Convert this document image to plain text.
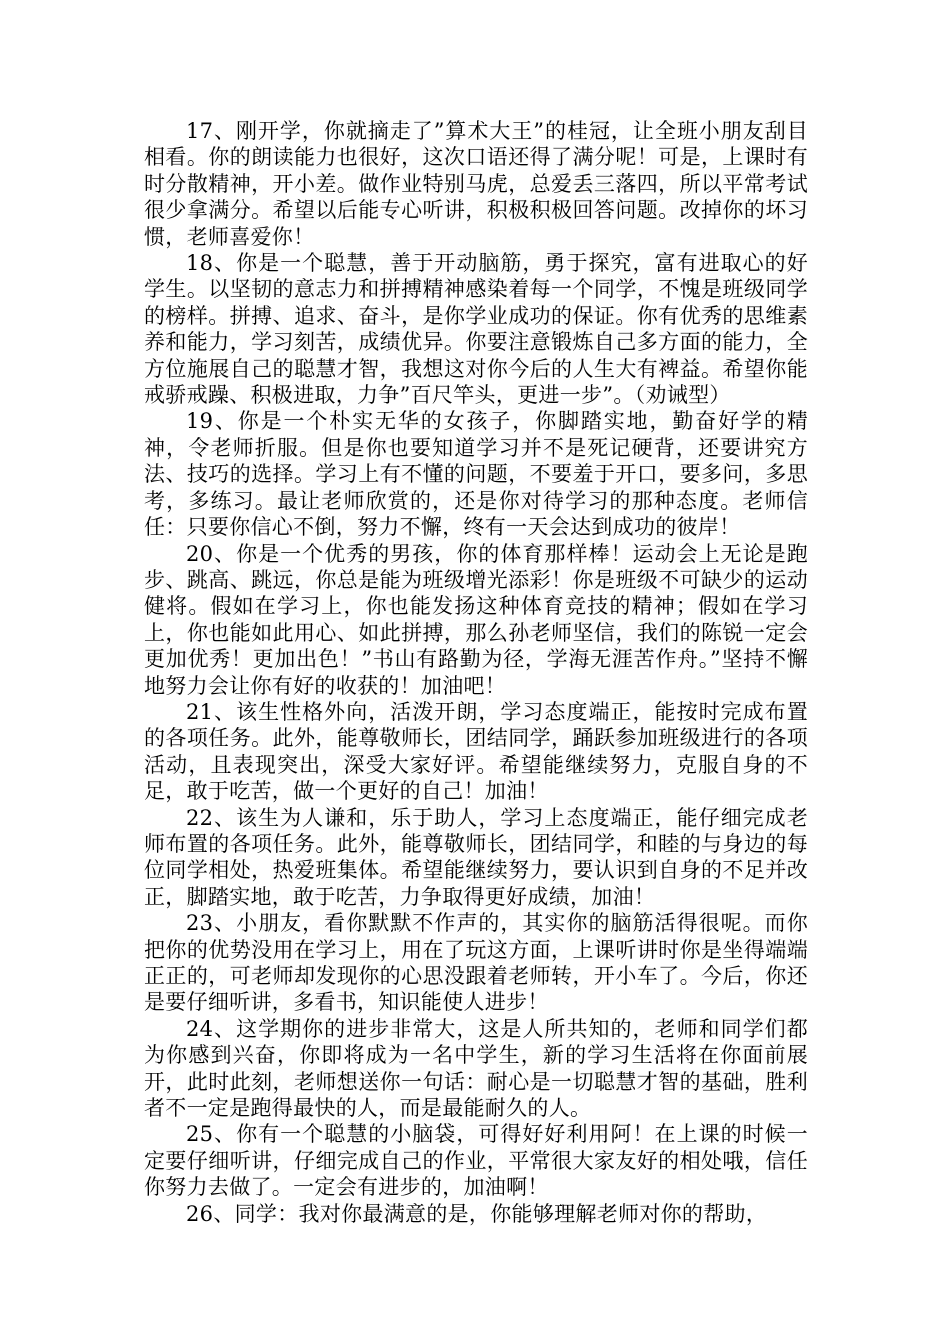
17、刚开学，你就摘走了”算术大王”的桂冠，让全班小朋友刮目相看。你的朗读能力也很好，这次口语还得了满分呢！可是，上课时有时分散精神，开小差。做作业特别马虎，总爱丢三落四，所以平常考试很少拿满分。希望以后能专心听讲，积极积极回答问题。改掉你的坏习惯，老师喜爱你！

18、你是一个聪慧，善于开动脑筋，勇于探究，富有进取心的好学生。以坚韧的意志力和拼搏精神感染着每一个同学，不愧是班级同学的榜样。拼搏、追求、奋斗，是你学业成功的保证。你有优秀的思维素养和能力，学习刻苦，成绩优异。你要注意锻炼自己多方面的能力，全方位施展自己的聪慧才智，我想这对你今后的人生大有裨益。希望你能戒骄戒躁、积极进取，力争”百尺竿头，更进一步”。（劝诫型）

19、你是一个朴实无华的女孩子，你脚踏实地，勤奋好学的精神，令老师折服。但是你也要知道学习并不是死记硬背，还要讲究方法、技巧的选择。学习上有不懂的问题，不要羞于开口，要多问，多思考，多练习。最让老师欣赏的，还是你对待学习的那种态度。老师信任：只要你信心不倒，努力不懈，终有一天会达到成功的彼岸！

20、你是一个优秀的男孩，你的体育那样棒！运动会上无论是跑步、跳高、跳远，你总是能为班级增光添彩！你是班级不可缺少的运动健将。假如在学习上，你也能发扬这种体育竞技的精神；假如在学习上，你也能如此用心、如此拼搏，那么孙老师坚信，我们的陈锐一定会更加优秀！更加出色！”书山有路勤为径，学海无涯苦作舟。”坚持不懈地努力会让你有好的收获的！加油吧！

21、该生性格外向，活泼开朗，学习态度端正，能按时完成布置的各项任务。此外，能尊敬师长，团结同学，踊跃参加班级进行的各项活动，且表现突出，深受大家好评。希望能继续努力，克服自身的不足，敢于吃苦，做一个更好的自己！加油！

22、该生为人谦和，乐于助人，学习上态度端正，能仔细完成老师布置的各项任务。此外，能尊敬师长，团结同学，和睦的与身边的每位同学相处，热爱班集体。希望能继续努力，要认识到自身的不足并改正，脚踏实地，敢于吃苦，力争取得更好成绩，加油！

23、小朋友，看你默默不作声的，其实你的脑筋活得很呢。而你把你的优势没用在学习上，用在了玩这方面，上课听讲时你是坐得端端正正的，可老师却发现你的心思没跟着老师转，开小车了。今后，你还是要仔细听讲，多看书，知识能使人进步！

24、这学期你的进步非常大，这是人所共知的，老师和同学们都为你感到兴奋，你即将成为一名中学生，新的学习生活将在你面前展开，此时此刻，老师想送你一句话：耐心是一切聪慧才智的基础，胜利者不一定是跑得最快的人，而是最能耐久的人。

25、你有一个聪慧的小脑袋，可得好好利用阿！在上课的时候一定要仔细听讲，仔细完成自己的作业，平常很大家友好的相处哦，信任你努力去做了。一定会有进步的，加油啊！

26、同学：我对你最满意的是，你能够理解老师对你的帮助，
